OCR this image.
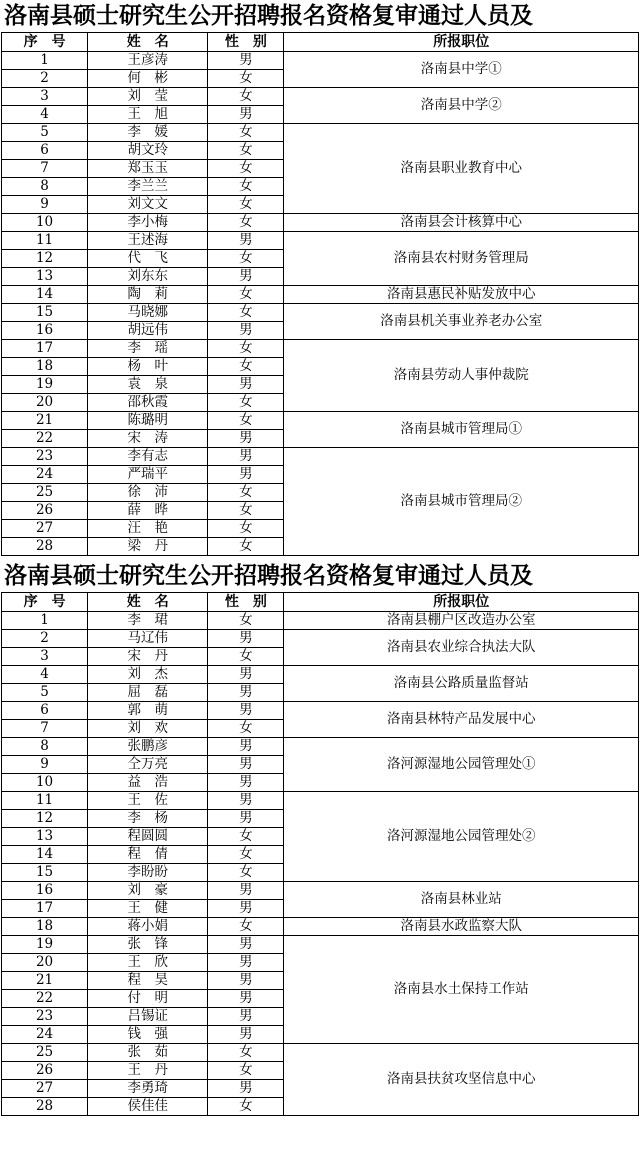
洛南县硕士研究生公开招聘报名资格复审通过人员及
序　号	姓　名	性　别	所报职位
1	王彦涛	男	洛南县中学①
2	何　彬	女	
3	刘　莹	女	洛南县中学②
4	王　旭	男	
5	李　媛	女	洛南县职业教育中心
6	胡文玲	女	
7	郑玉玉	女	
8	李兰兰	女	
9	刘文文	女	
10	李小梅	女	洛南县会计核算中心
11	王述海	男	洛南县农村财务管理局
12	代　飞	女	
13	刘东东	男	
14	陶　莉	女	洛南县惠民补贴发放中心
15	马晓娜	女	洛南县机关事业养老办公室
16	胡远伟	男	
17	李　瑶	女	洛南县劳动人事仲裁院
18	杨　叶	女	
19	袁　泉	男	
20	邵秋霞	女	
21	陈璐明	女	洛南县城市管理局①
22	宋　涛	男	
23	李有志	男	洛南县城市管理局②
24	严瑞平	男	
25	徐　沛	女	
26	薛　晔	女	
27	汪　艳	女	
28	梁　丹	女	
洛南县硕士研究生公开招聘报名资格复审通过人员及
序　号	姓　名	性　别	所报职位
1	李　珺	女	洛南县棚户区改造办公室
2	马辽伟	男	洛南县农业综合执法大队
3	宋　丹	女	
4	刘　杰	男	洛南县公路质量监督站
5	屈　磊	男	
6	郭　萌	男	洛南县林特产品发展中心
7	刘　欢	女	
8	张鹏彦	男	洛河源湿地公园管理处①
9	仝万亮	男	
10	益　浩	男	
11	王　佐	男	洛河源湿地公园管理处②
12	李　杨	男	
13	程圆圆	女	
14	程　倩	女	
15	李盼盼	女	
16	刘　豪	男	洛南县林业站
17	王　健	男	
18	蒋小娟	女	洛南县水政监察大队
19	张　锋	男	洛南县水土保持工作站
20	王　欣	男	
21	程　昊	男	
22	付　明	男	
23	吕锡证	男	
24	钱　强	男	
25	张　茹	女	洛南县扶贫攻坚信息中心
26	王　丹	女	
27	李勇琦	男	
28	侯佳佳	女	
